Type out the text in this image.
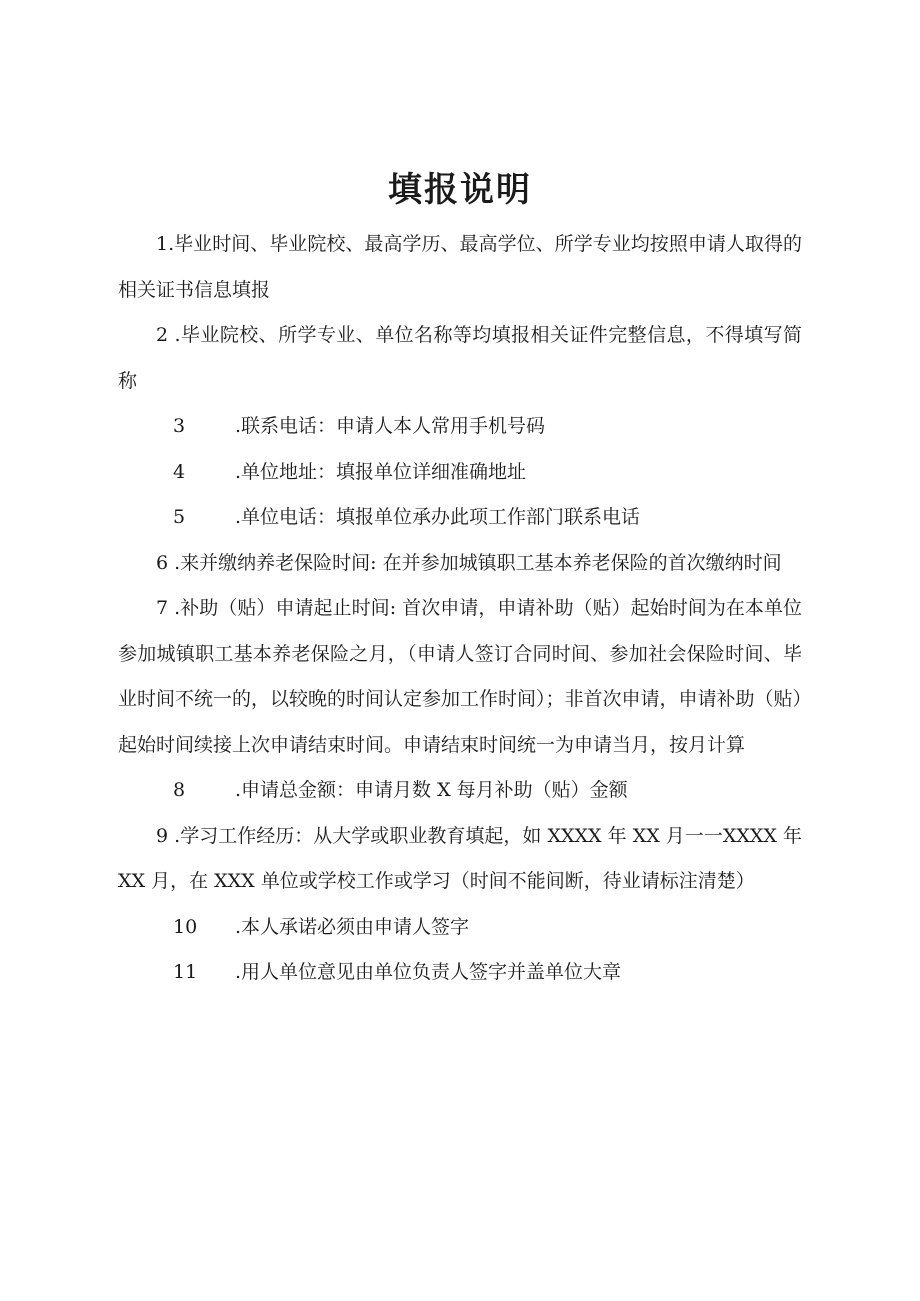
填报说明

1.毕业时间、毕业院校、最高学历、最高学位、所学专业均按照申请人取得的相关证书信息填报

2 .毕业院校、所学专业、单位名称等均填报相关证件完整信息，不得填写简称

3	.联系电话：申请人本人常用手机号码

4	.单位地址：填报单位详细准确地址

5	.单位电话：填报单位承办此项工作部门联系电话

6 .来并缴纳养老保险时间: 在并参加城镇职工基本养老保险的首次缴纳时间

7 .补助（贴）申请起止时间: 首次申请，申请补助（贴）起始时间为在本单位参加城镇职工基本养老保险之月，（申请人签订合同时间、参加社会保险时间、毕业时间不统一的，以较晚的时间认定参加工作时间）；非首次申请，申请补助（贴）起始时间续接上次申请结束时间。申请结束时间统一为申请当月，按月计算

8	.申请总金额：申请月数 X 每月补助（贴）金额

9 .学习工作经历：从大学或职业教育填起，如 XXXX 年 XX 月一一XXXX 年 XX 月，在 XXX 单位或学校工作或学习（时间不能间断，待业请标注清楚）

10 .本人承诺必须由申请人签字

11 .用人单位意见由单位负责人签字并盖单位大章
